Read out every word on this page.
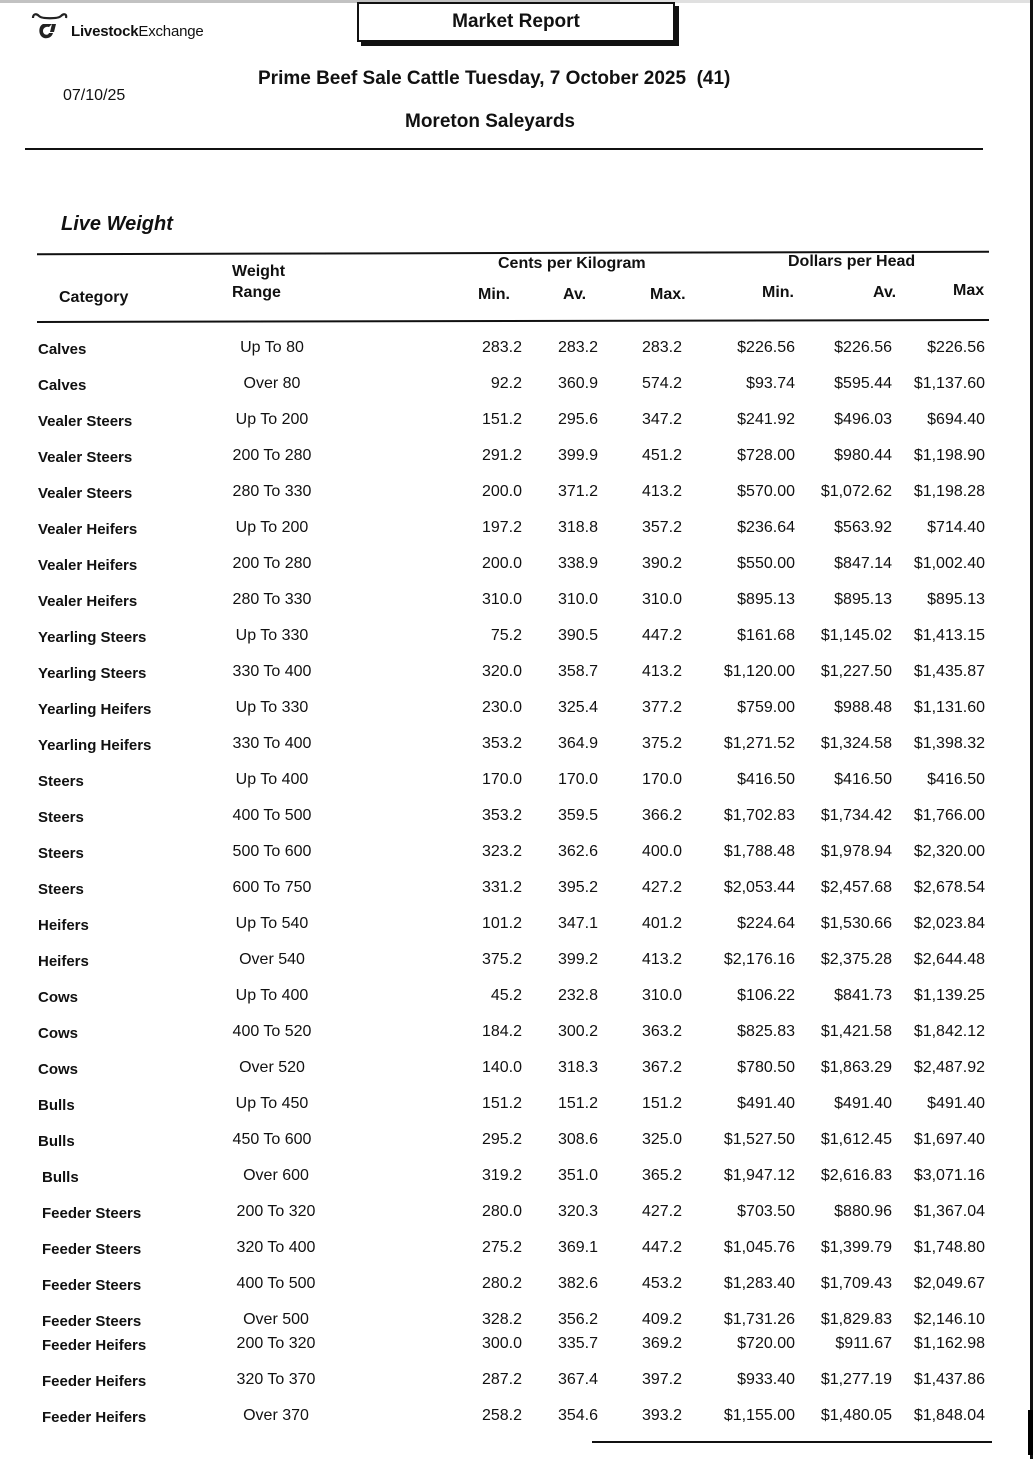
LivestockExchange	Market Report
07/10/25
Prime Beef Sale Cattle Tuesday, 7 October 2025  (41)
Moreton Saleyards
Live Weight
Cents per Kilogram	Dollars per Head
Weight
Range
Category	Min.	Av.	Max.	Min.	Av.	Max
Calves	Up To 80	283.2 283.2	283.2	$226.56 $226.56 $226.56
Calves	Over 80	92.2 360.9	574.2	$93.74 $595.44 $1,137.60
Vealer Steers	Up To 200	151.2 295.6	347.2	$241.92 $496.03 $694.40
Vealer Steers	200 To 280	291.2 399.9	451.2	$728.00 $980.44 $1,198.90
Vealer Steers	280 To 330	200.0 371.2	413.2	$570.00 $1,072.62 $1,198.28
Vealer Heifers	Up To 200	197.2 318.8	357.2	$236.64 $563.92 $714.40
Vealer Heifers	200 To 280	200.0 338.9	390.2	$550.00 $847.14 $1,002.40
Vealer Heifers	280 To 330	310.0 310.0	310.0	$895.13 $895.13 $895.13
Yearling Steers	Up To 330	75.2 390.5	447.2	$161.68 $1,145.02 $1,413.15
Yearling Steers	330 To 400	320.0 358.7	413.2	$1,120.00 $1,227.50 $1,435.87
Yearling Heifers	Up To 330	230.0 325.4	377.2	$759.00 $988.48 $1,131.60
Yearling Heifers	330 To 400	353.2 364.9	375.2	$1,271.52 $1,324.58 $1,398.32
Steers	Up To 400	170.0 170.0	170.0	$416.50 $416.50 $416.50
Steers	400 To 500	353.2 359.5	366.2	$1,702.83 $1,734.42 $1,766.00
Steers	500 To 600	323.2 362.6	400.0	$1,788.48 $1,978.94 $2,320.00
Steers	600 To 750	331.2 395.2	427.2	$2,053.44 $2,457.68 $2,678.54
Heifers	Up To 540	101.2 347.1	401.2	$224.64 $1,530.66 $2,023.84
Heifers	Over 540	375.2 399.2	413.2	$2,176.16 $2,375.28 $2,644.48
Cows	Up To 400	45.2 232.8	310.0	$106.22 $841.73 $1,139.25
Cows	400 To 520	184.2 300.2	363.2	$825.83 $1,421.58 $1,842.12
Cows	Over 520	140.0 318.3	367.2	$780.50 $1,863.29 $2,487.92
Bulls	Up To 450	151.2 151.2	151.2	$491.40 $491.40 $491.40
Bulls	450 To 600	295.2 308.6	325.0	$1,527.50 $1,612.45 $1,697.40
Bulls	Over 600	319.2 351.0	365.2	$1,947.12 $2,616.83 $3,071.16
Feeder Steers	200 To 320	280.0 320.3	427.2	$703.50 $880.96 $1,367.04
Feeder Steers	320 To 400	275.2 369.1	447.2	$1,045.76 $1,399.79 $1,748.80
Feeder Steers	400 To 500	280.2 382.6	453.2	$1,283.40 $1,709.43 $2,049.67
Feeder Steers	Over 500	328.2 356.2	409.2	$1,731.26 $1,829.83 $2,146.10
Feeder Heifers	200 To 320	300.0 335.7	369.2	$720.00	$911.67 $1,162.98
Feeder Heifers	320 To 370	287.2 367.4	397.2	$933.40 $1,277.19 $1,437.86
Feeder Heifers	Over 370	258.2 354.6	393.2	$1,155.00 $1,480.05 $1,848.04
